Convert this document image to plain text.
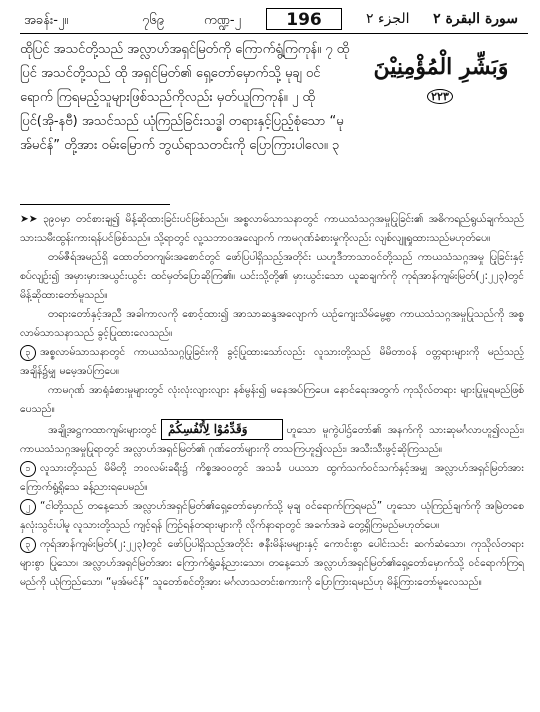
အခန်း-၂။	၇၆၉	ကဏ္ဍ-၂	196	الجزء ٢ سورة البقرة ٢

ထိုပြင် အသင်တို့သည် အလ္လာဟ်အရှင်မြတ်ကို ကြောက်ရွံ့ကြကုန်။ ၇ ထိုပြင် အသင်တို့သည် ထို အရှင်မြတ်၏ ရှေ့တော်မှောက်သို့ မုချ ဝင်ရောက် ကြရမည့်သူများဖြစ်သည်ကိုလည်း မှတ်ယူကြကုန်။ ၂ ထိုပြင်(အို-နဗီ) အသင်သည် ယုံကြည်ခြင်းသဒ္ဓါ တရားနှင့်ပြည့်စုံသော “မုအ်မင်န်” တို့အား ဝမ်းမြောက် ဘွယ်ရာသတင်းကို ပြောကြားပါလေ။ ၃

وَبَشِّرِ الْمُؤْمِنِيْنَ ٢٢٣

➤➤ ၃၉၀မှာ တင်စားချ၍ မိန့်ဆိုထားခြင်းပင်ဖြစ်သည်။ အစ္စလာမ်သာသနာတွင် ကာယသံသဂ္ဂအမှုပြုခြင်း၏ အဓိကရည်ရွယ်ချက်သည် သားသမီးထွန်းကားရန်ပင်ဖြစ်သည်။ သို့ရာတွင် လူ့သဘာဝအလျောက် ကာမဂုဏ်ခံစားမှုကိုလည်း လျစ်လျူရှုထားသည်မဟုတ်ပေ။

တမ်ဇီရ်အမည်ရှိ ထောတ်တကျမ်းအစောင်တွင် ဖော်ပြပါရှိသည့်အတိုင်း ယဟူဒီဘာသာဝင်တို့သည် ကာယသံသဂ္ဂအမှု ပြုခြင်းနှင့်စပ်လျဉ်း၍ အမှားမှားအယွင်းယွင်း ထင်မှတ်ပြောဆိုကြ၏။ ယင်းသို့တို့၏ မှားယွင်းသော ယူဆချက်ကို ကုရ်အာန်ကျမ်းမြတ်(၂:၂၂၃)တွင် မိန့်ဆိုထားတော်မူသည်။

တရားတော်နှင့်အညီ အခါကာလကို စောင့်ထား၍ အာသာဆန္ဒအလျောက် ယဉ်ကျေးသိမ်မွေ့စွာ ကာယသံသဂ္ဂအမှုပြုသည်ကို အစ္စလာမ်သာသနာသည် ခွင့်ပြုထားလေသည်။

၃ အစ္စလာမ်သာသနာတွင် ကာယသံသဂ္ဂပြုခြင်းကို ခွင့်ပြုထားသော်လည်း လူသားတို့သည် မိမိတာဝန် ဝတ္တရားများကို မည်သည့်အချိန်၌မျှ မမေ့အပ်ကြပေ။

ကာမဂုဏ် အာရုံခံစားမှုများတွင် လုံးလုံးလျားလျား နစ်မွန်း၍ မနေအပ်ကြပေ။ နောင်ရေးအတွက် ကုသိုလ်တရား များပြုမူရမည်ဖြစ်ပေသည်။

အချို့အဋ္ဌကထာကျမ်းများတွင် وَقَدِّمُوْا لِأَنْفُسِكُمْ	ဟူသော မူကွဲပါဌ်တော်၏ အနက်ကို သားဆုမင်္ဂလာဟူ၍လည်း၊ ကာယသံသဂ္ဂအမှုပြုရာတွင် အလ္လာဟ်အရှင်မြတ်၏ ဂုဏ်တော်များကို တသကြဟူ၍လည်း၊ အသီးသီးဖွင့်ဆိုကြသည်။

၁ လူသားတို့သည် မိမိတို့ ဘဝလမ်းခရီး၌ ကိစ္စအဝဝတွင် အသင်္ခ ပယသာ ထွက်သက်ဝင်သက်နှင့်အမျှ အလ္လာဟ်အရှင်မြတ်အား ကြောက်ရွံ့ရိုသေ ခန့်ညားရပေမည်။

၂ “ငါတို့သည် တနေ့သော် အလ္လာဟ်အရှင်မြတ်၏ရှေ့တော်မှောက်သို့ မုချ ဝင်ရောက်ကြရမည်” ဟူသော ယုံကြည်ချက်ကို အမြဲတစေ နှလုံးသွင်းပါမူ လူသားတို့သည် ကျင့်ရန် ကြဉ်ရန်တရားများကို လိုက်နာရာတွင် အခက်အခဲ တွေ့ရှိကြမည်မဟုတ်ပေ။

၃ ကုရ်အာန်ကျမ်းမြတ်(၂:၂၂၃)တွင် ဖော်ပြပါရှိသည့်အတိုင်း ဇနီးမိန်းမများနှင့် ကောင်းစွာ ပေါင်းသင်း ဆက်ဆံသော၊ ကုသိုလ်တရားများစွာ ပြုသော၊ အလ္လာဟ်အရှင်မြတ်အား ကြောက်ရွံ့ခန့်ညားသော၊ တနေ့သော် အလ္လာဟ်အရှင်မြတ်၏ရှေ့တော်မှောက်သို့ ဝင်ရောက်ကြရမည်ကို ယုံကြည်သော၊ “မုအ်မင်န်” သူတော်စင်တို့အား မင်္ဂလာသတင်းစကားကို ပြောကြားရမည်ဟု မိန့်ကြားတော်မူလေသည်။
